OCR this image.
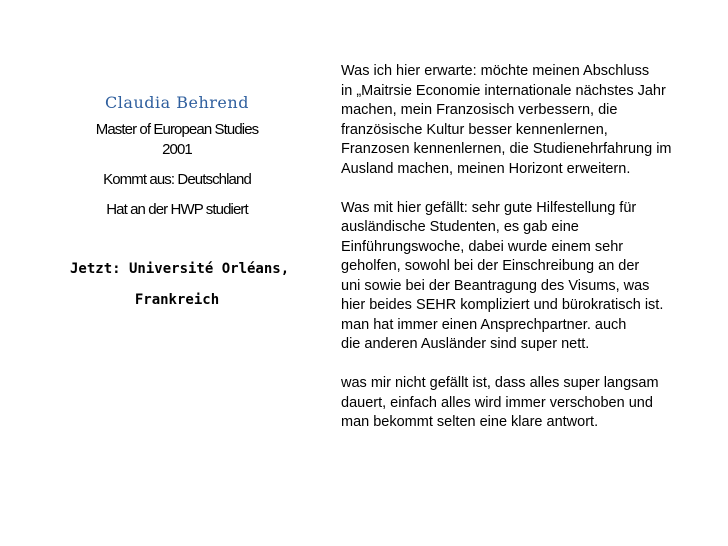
Claudia Behrend
Master of European Studies
2001
Kommt aus: Deutschland
Hat an der HWP studiert
Jetzt: Université Orléans,
Frankreich

Was ich hier erwarte: möchte meinen Abschluss
in „Maitrsie Economie internationale nächstes Jahr
machen, mein Franzosisch verbessern, die
französische Kultur besser kennenlernen,
Franzosen kennenlernen, die Studienehrfahrung im
Ausland machen, meinen Horizont erweitern.

Was mit hier gefällt: sehr gute Hilfestellung für
ausländische Studenten, es gab eine
Einführungswoche, dabei wurde einem sehr
geholfen, sowohl bei der Einschreibung an der
uni sowie bei der Beantragung des Visums, was
hier beides SEHR kompliziert und bürokratisch ist.
man hat immer einen Ansprechpartner. auch
die anderen Ausländer sind super nett.

was mir nicht gefällt ist, dass alles super langsam
dauert, einfach alles wird immer verschoben und
man bekommt selten eine klare antwort.
